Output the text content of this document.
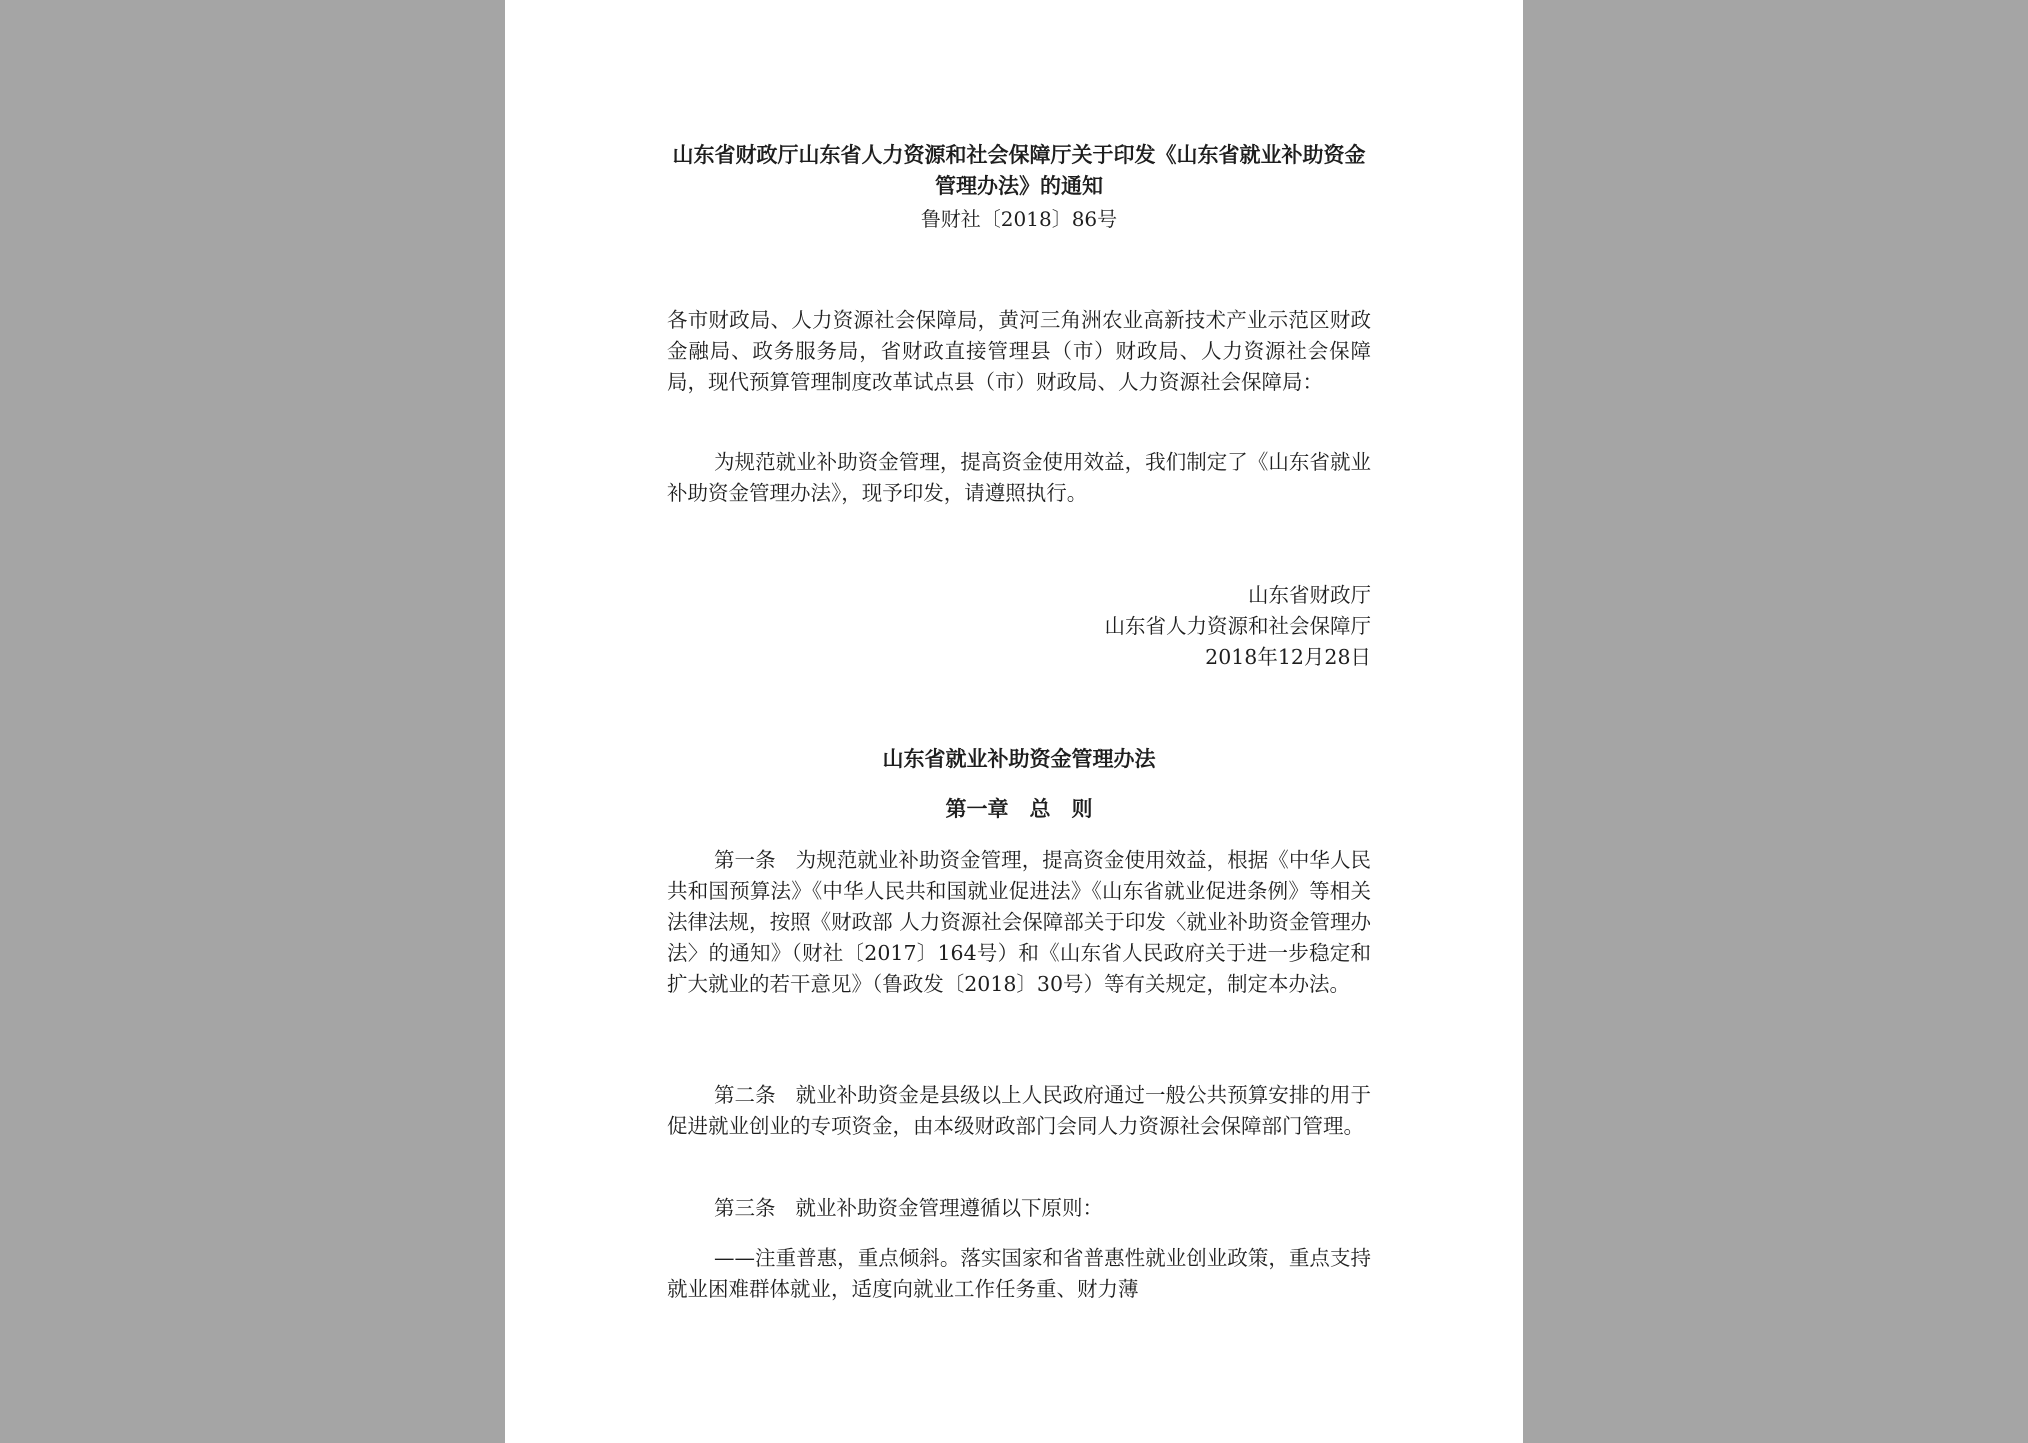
山东省财政厅山东省人力资源和社会保障厅关于印发《山东省就业补助资金管理办法》的通知

鲁财社〔2018〕86号

各市财政局、人力资源社会保障局，黄河三角洲农业高新技术产业示范区财政金融局、政务服务局，省财政直接管理县（市）财政局、人力资源社会保障局，现代预算管理制度改革试点县（市）财政局、人力资源社会保障局：

为规范就业补助资金管理，提高资金使用效益，我们制定了《山东省就业补助资金管理办法》，现予印发，请遵照执行。

山东省财政厅

山东省人力资源和社会保障厅

2018年12月28日

山东省就业补助资金管理办法

第一章　总　则

第一条 为规范就业补助资金管理，提高资金使用效益，根据《中华人民共和国预算法》《中华人民共和国就业促进法》《山东省就业促进条例》等相关法律法规，按照《财政部 人力资源社会保障部关于印发〈就业补助资金管理办法〉的通知》（财社〔2017〕164号）和《山东省人民政府关于进一步稳定和扩大就业的若干意见》（鲁政发〔2018〕30号）等有关规定，制定本办法。

第二条 就业补助资金是县级以上人民政府通过一般公共预算安排的用于促进就业创业的专项资金，由本级财政部门会同人力资源社会保障部门管理。

第三条 就业补助资金管理遵循以下原则：

——注重普惠，重点倾斜。落实国家和省普惠性就业创业政策，重点支持就业困难群体就业，适度向就业工作任务重、财力薄
